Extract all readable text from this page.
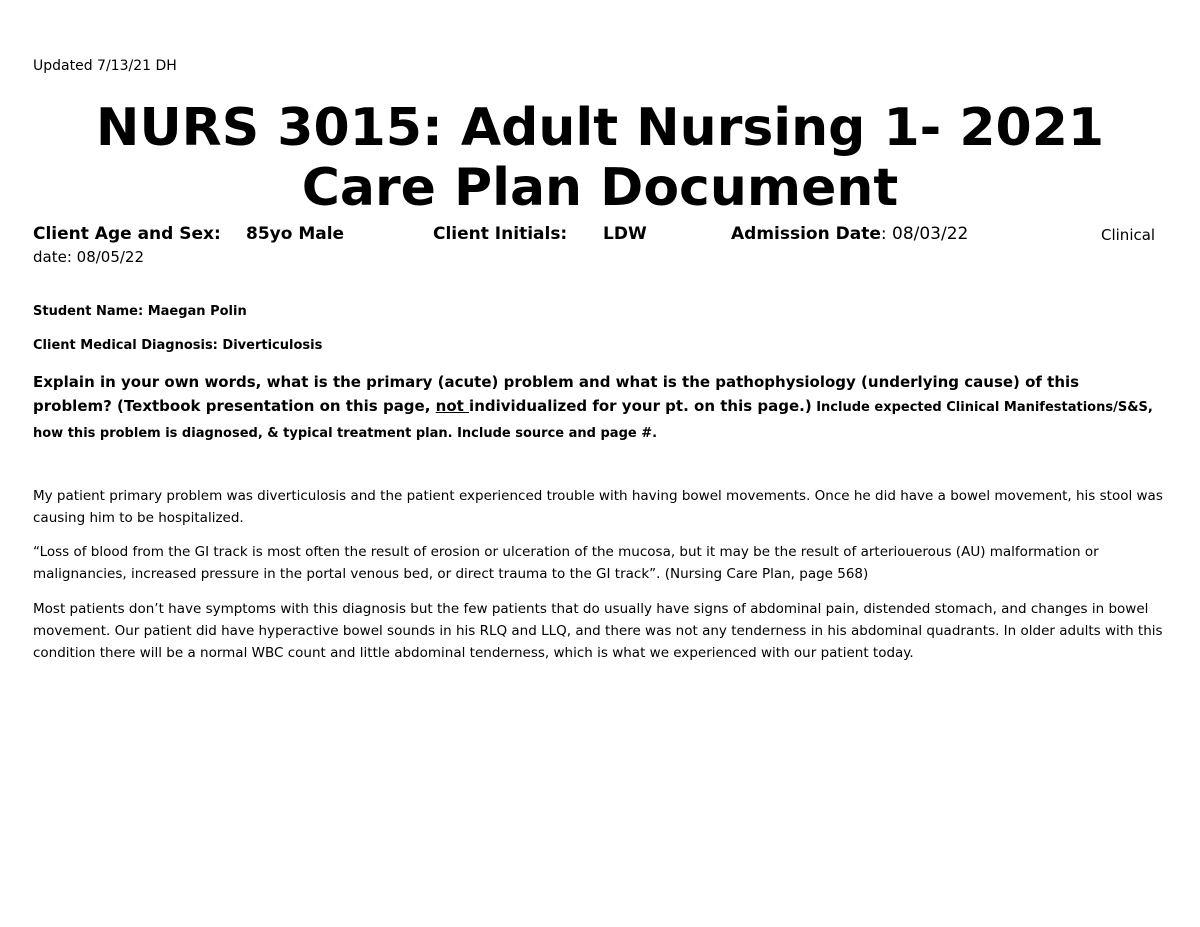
Updated 7/13/21 DH
NURS 3015: Adult Nursing 1- 2021
Care Plan Document
Client Age and Sex: 85yo Male	Client Initials: LDW	Admission Date: 08/03/22	Clinical
date: 08/05/22
Student Name: Maegan Polin
Client Medical Diagnosis: Diverticulosis
Explain in your own words, what is the primary (acute) problem and what is the pathophysiology (underlying cause) of this problem? (Textbook presentation on this page, not individualized for your pt. on this page.) Include expected Clinical Manifestations/S&S, how this problem is diagnosed, & typical treatment plan. Include source and page #.
My patient primary problem was diverticulosis and the patient experienced trouble with having bowel movements. Once he did have a bowel movement, his stool was causing him to be hospitalized.
“Loss of blood from the GI track is most often the result of erosion or ulceration of the mucosa, but it may be the result of arteriouerous (AU) malformation or malignancies, increased pressure in the portal venous bed, or direct trauma to the GI track”. (Nursing Care Plan, page 568)
Most patients don’t have symptoms with this diagnosis but the few patients that do usually have signs of abdominal pain, distended stomach, and changes in bowel movement. Our patient did have hyperactive bowel sounds in his RLQ and LLQ, and there was not any tenderness in his abdominal quadrants. In older adults with this condition there will be a normal WBC count and little abdominal tenderness, which is what we experienced with our patient today.
